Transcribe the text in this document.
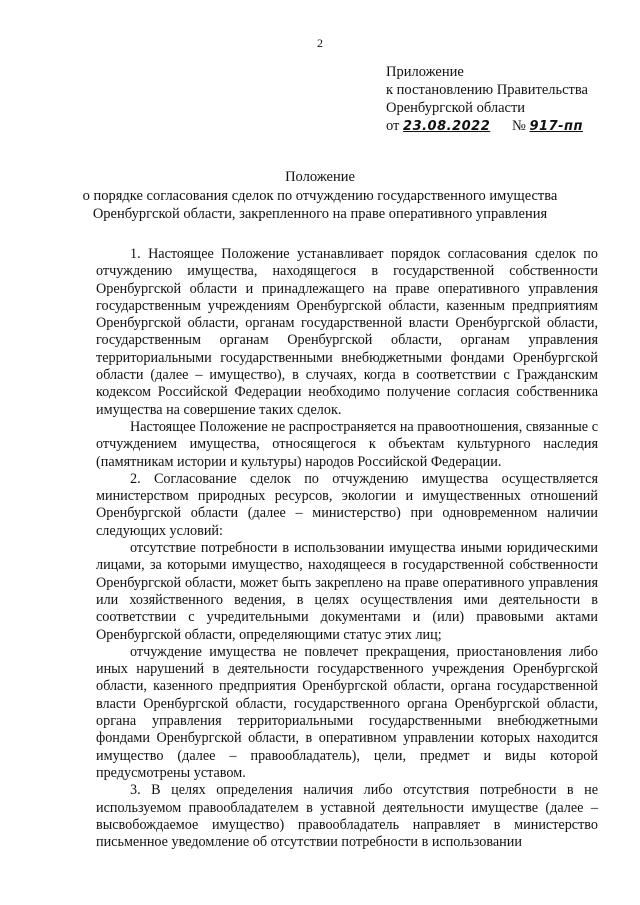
2
Приложение
к постановлению Правительства
Оренбургской области
от 23.08.2022 № 917-пп
Положение
о порядке согласования сделок по отчуждению государственного имущества
Оренбургской области, закрепленного на праве оперативного управления

1. Настоящее Положение устанавливает порядок согласования сделок по отчуждению имущества, находящегося в государственной собственности Оренбургской области и принадлежащего на праве оперативного управления государственным учреждениям Оренбургской области, казенным предприятиям Оренбургской области, органам государственной власти Оренбургской области, государственным органам Оренбургской области, органам управления территориальными государственными внебюджетными фондами Оренбургской области (далее – имущество), в случаях, когда в соответствии с Гражданским кодексом Российской Федерации необходимо получение согласия собственника имущества на совершение таких сделок.

Настоящее Положение не распространяется на правоотношения, связанные с отчуждением имущества, относящегося к объектам культурного наследия (памятникам истории и культуры) народов Российской Федерации.

2. Согласование сделок по отчуждению имущества осуществляется министерством природных ресурсов, экологии и имущественных отношений Оренбургской области (далее – министерство) при одновременном наличии следующих условий:

отсутствие потребности в использовании имущества иными юридическими лицами, за которыми имущество, находящееся в государственной собственности Оренбургской области, может быть закреплено на праве оперативного управления или хозяйственного ведения, в целях осуществления ими деятельности в соответствии с учредительными документами и (или) правовыми актами Оренбургской области, определяющими статус этих лиц;

отчуждение имущества не повлечет прекращения, приостановления либо иных нарушений в деятельности государственного учреждения Оренбургской области, казенного предприятия Оренбургской области, органа государственной власти Оренбургской области, государственного органа Оренбургской области, органа управления территориальными государственными внебюджетными фондами Оренбургской области, в оперативном управлении которых находится имущество (далее – правообладатель), цели, предмет и виды которой предусмотрены уставом.

3. В целях определения наличия либо отсутствия потребности в не используемом правообладателем в уставной деятельности имуществе (далее – высвобождаемое имущество) правообладатель направляет в министерство письменное уведомление об отсутствии потребности в использовании
